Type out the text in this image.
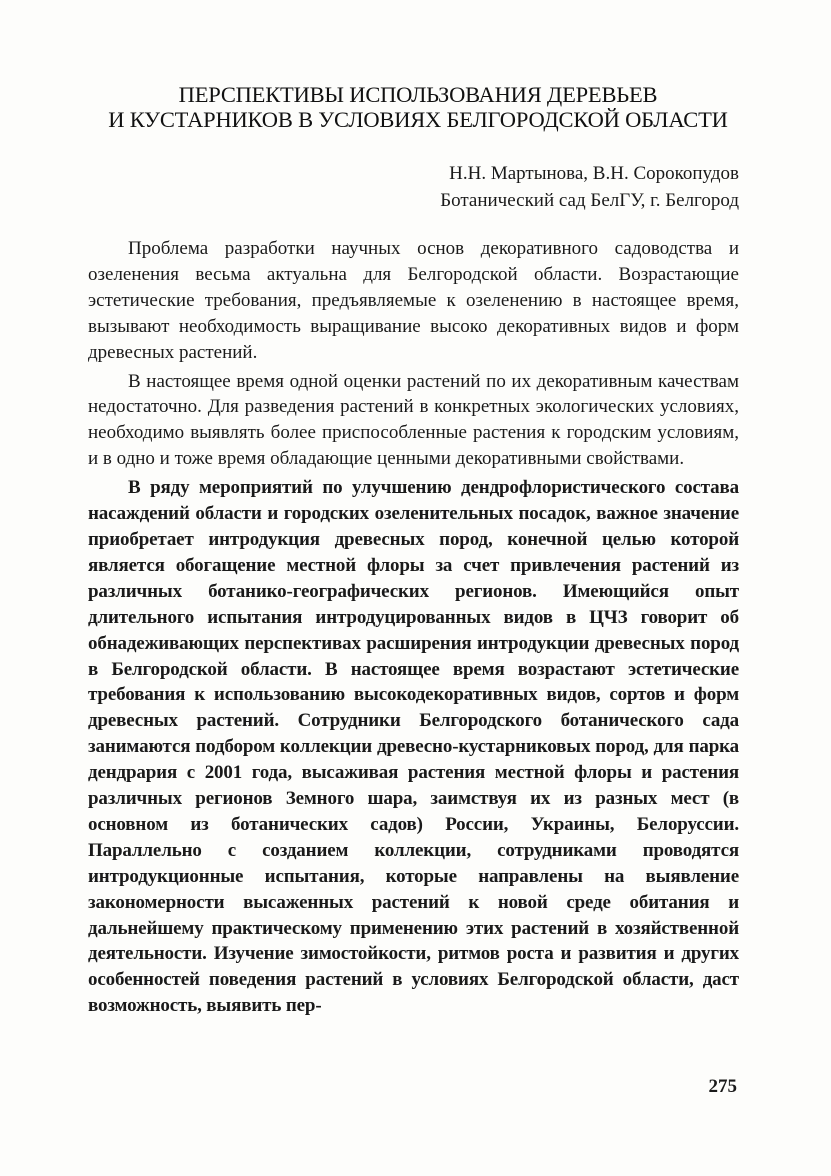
ПЕРСПЕКТИВЫ ИСПОЛЬЗОВАНИЯ ДЕРЕВЬЕВ
И КУСТАРНИКОВ В УСЛОВИЯХ БЕЛГОРОДСКОЙ ОБЛАСТИ
Н.Н. Мартынова, В.Н. Сорокопудов
Ботанический сад БелГУ, г. Белгород

Проблема разработки научных основ декоративного садоводства и озеленения весьма актуальна для Белгородской области. Возрастающие эстетические требования, предъявляемые к озеленению в настоящее время, вызывают необходимость выращивание высоко декоративных видов и форм древесных растений.

В настоящее время одной оценки растений по их декоративным качествам недостаточно. Для разведения растений в конкретных экологических условиях, необходимо выявлять более приспособленные растения к городским условиям, и в одно и тоже время обладающие ценными декоративными свойствами.

В ряду мероприятий по улучшению дендрофлористического состава насаждений области и городских озеленительных посадок, важное значение приобретает интродукция древесных пород, конечной целью которой является обогащение местной флоры за счет привлечения растений из различных ботанико-географических регионов. Имеющийся опыт длительного испытания интродуцированных видов в ЦЧЗ говорит об обнадеживающих перспективах расширения интродукции древесных пород в Белгородской области. В настоящее время возрастают эстетические требования к использованию высокодекоративных видов, сортов и форм древесных растений. Сотрудники Белгородского ботанического сада занимаются подбором коллекции древесно-кустарниковых пород, для парка дендрария с 2001 года, высаживая растения местной флоры и растения различных регионов Земного шара, заимствуя их из разных мест (в основном из ботанических садов) России, Украины, Белоруссии. Параллельно с созданием коллекции, сотрудниками проводятся интродукционные испытания, которые направлены на выявление закономерности высаженных растений к новой среде обитания и дальнейшему практическому применению этих растений в хозяйственной деятельности. Изучение зимостойкости, ритмов роста и развития и других особенностей поведения растений в условиях Белгородской области, даст возможность, выявить пер-

275
